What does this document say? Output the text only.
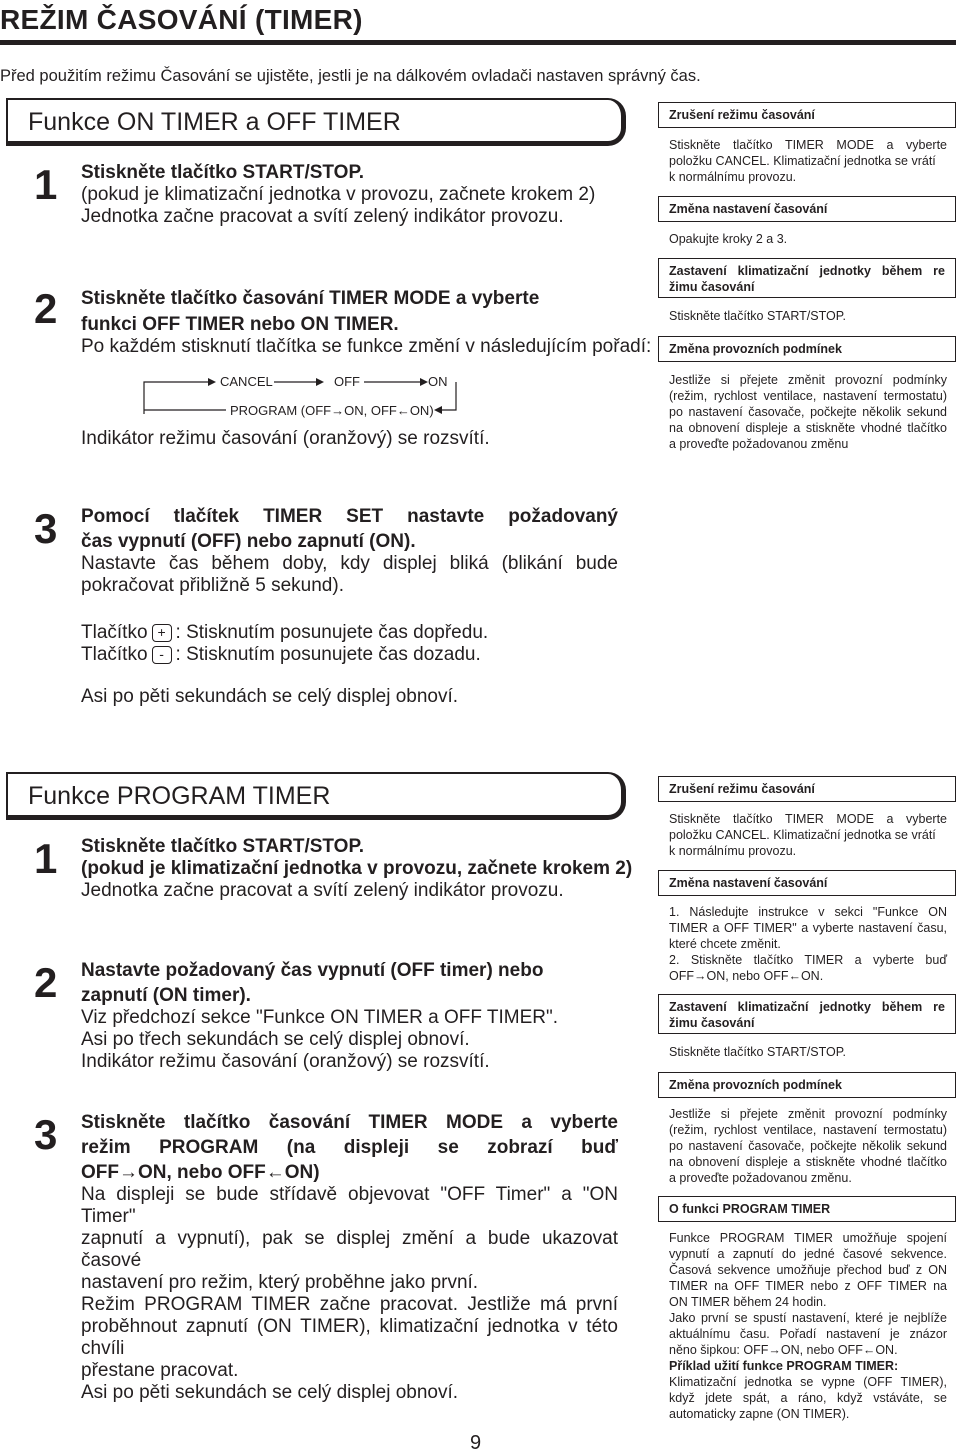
REŽIM ČASOVÁNÍ (TIMER)
Před použitím režimu Časování se ujistěte, jestli je na dálkovém ovladači nastaven správný čas.
Funkce ON TIMER a OFF TIMER
1 Stiskněte tlačítko START/STOP.
(pokud je klimatizační jednotka v provozu, začnete krokem 2)
Jednotka začne pracovat a svítí zelený indikátor provozu.
2 Stiskněte tlačítko časování TIMER MODE a vyberte
funkci OFF TIMER nebo ON TIMER.
Po každém stisknutí tlačítka se funkce změní v následujícím pořadí:
CANCEL	OFF	ON
PROGRAM (OFF→ON, OFF←ON)
Indikátor režimu časování (oranžový) se rozsvítí.
3 Pomocí tlačítek TIMER SET nastavte požadovaný
čas vypnutí (OFF) nebo zapnutí (ON).
Nastavte čas během doby, kdy displej bliká (blikání bude
pokračovat přibližně 5 sekund).
Tlačítko + : Stisknutím posunujete čas dopředu.
Tlačítko - : Stisknutím posunujete čas dozadu.
Asi po pěti sekundách se celý displej obnoví.
Zrušení režimu časování
Stiskněte tlačítko TIMER MODE a vyberte
položku CANCEL. Klimatizační jednotka se vrátí
k normálnímu provozu.
Změna nastavení časování
Opakujte kroky 2 a 3.
Zastavení klimatizační jednotky během re
žimu časování
Stiskněte tlačítko START/STOP.
Změna provozních podmínek
Jestliže si přejete změnit provozní podmínky
(režim, rychlost ventilace, nastavení termostatu)
po nastavení časovače, počkejte několik sekund
na obnovení displeje a stiskněte vhodné tlačítko
a proveďte požadovanou změnu
Funkce PROGRAM TIMER
1 Stiskněte tlačítko START/STOP.
(pokud je klimatizační jednotka v provozu, začnete krokem 2)
Jednotka začne pracovat a svítí zelený indikátor provozu.
2 Nastavte požadovaný čas vypnutí (OFF timer) nebo
zapnutí (ON timer).
Viz předchozí sekce "Funkce ON TIMER a OFF TIMER".
Asi po třech sekundách se celý displej obnoví.
Indikátor režimu časování (oranžový) se rozsvítí.
3 Stiskněte tlačítko časování TIMER MODE a vyberte
režim PROGRAM (na displeji se zobrazí buď
OFF→ON, nebo OFF←ON)
Na displeji se bude střídavě objevovat "OFF Timer" a "ON Timer"
zapnutí a vypnutí), pak se displej změní a bude ukazovat časové
nastavení pro režim, který proběhne jako první.
Režim PROGRAM TIMER začne pracovat. Jestliže má první
proběhnout zapnutí (ON TIMER), klimatizační jednotka v této chvíli
přestane pracovat.
Asi po pěti sekundách se celý displej obnoví.
Zrušení režimu časování
Stiskněte tlačítko TIMER MODE a vyberte
položku CANCEL. Klimatizační jednotka se vrátí
k normálnímu provozu.
Změna nastavení časování
1. Následujte instrukce v sekci "Funkce ON
TIMER a OFF TIMER" a vyberte nastavení času,
které chcete změnit.
2. Stiskněte tlačítko TIMER a vyberte buď
OFF→ON, nebo OFF←ON.
Zastavení klimatizační jednotky během re
žimu časování
Stiskněte tlačítko START/STOP.
Změna provozních podmínek
Jestliže si přejete změnit provozní podmínky
(režim, rychlost ventilace, nastavení termostatu)
po nastavení časovače, počkejte několik sekund
na obnovení displeje a stiskněte vhodné tlačítko
a proveďte požadovanou změnu.
O funkci PROGRAM TIMER
Funkce PROGRAM TIMER umožňuje spojení
vypnutí a zapnutí do jedné časové sekvence.
Časová sekvence umožňuje přechod buď z ON
TIMER na OFF TIMER nebo z OFF TIMER na
ON TIMER během 24 hodin.
Jako první se spustí nastavení, které je nejblíže
aktuálnímu času. Pořadí nastavení je znázor
něno šipkou: OFF→ON, nebo OFF←ON.
Příklad užití funkce PROGRAM TIMER:
Klimatizační jednotka se vypne (OFF TIMER),
když jdete spát, a ráno, když vstáváte, se
automaticky zapne (ON TIMER).
9
